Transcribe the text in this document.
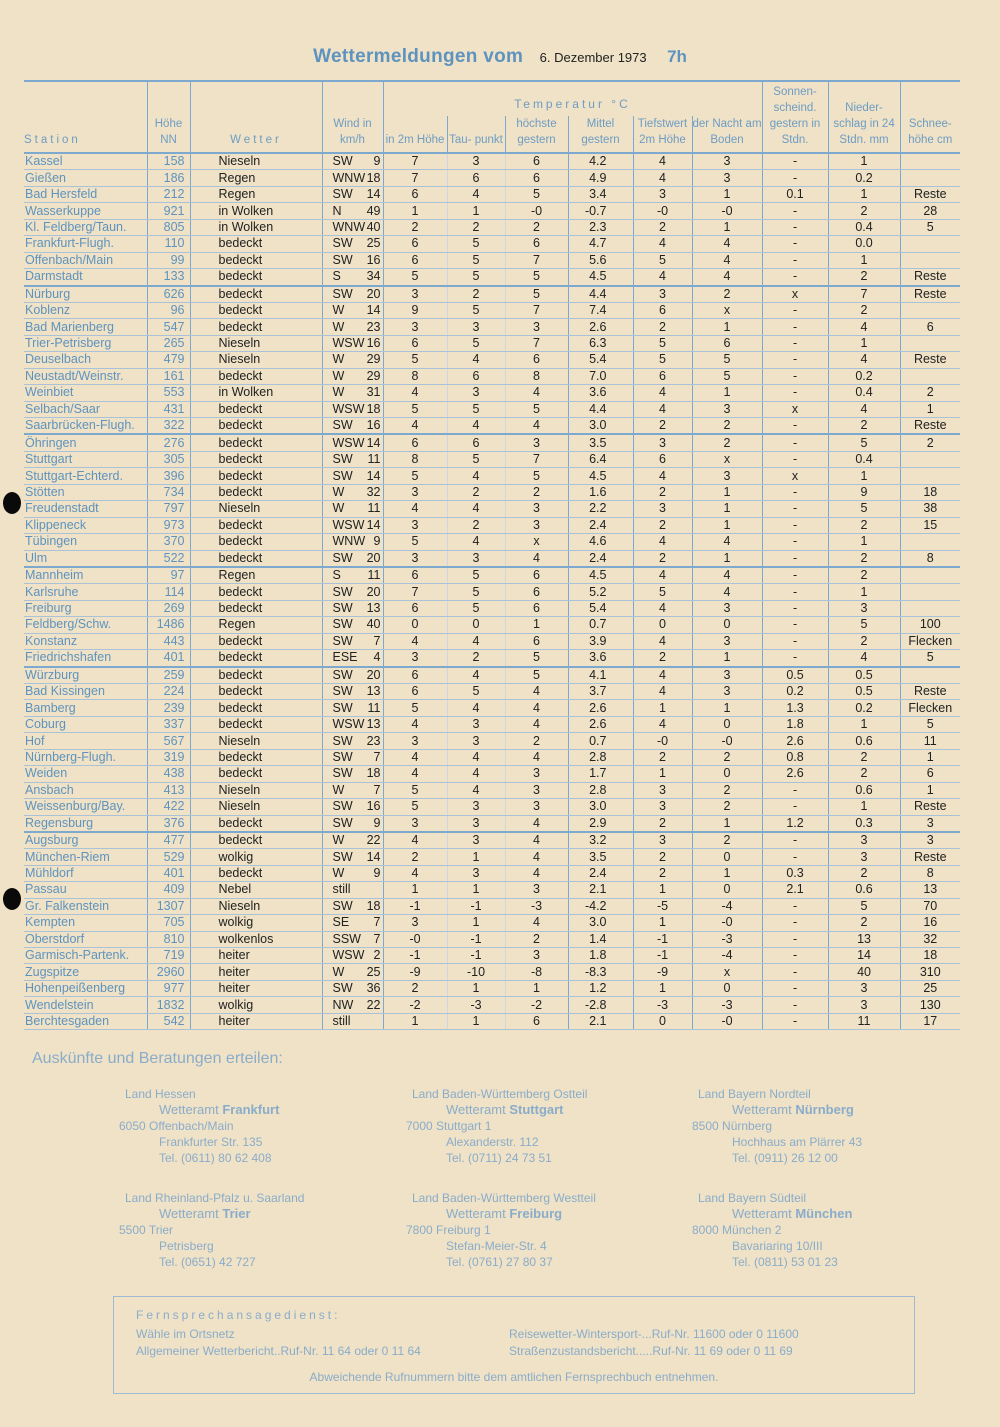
Wettermeldungen vom 6. Dezember 1973 7h
Station	Höhe NN	Wetter	Wind in km/h	Temperatur °C						Sonnen- scheind. gestern in Stdn.	Nieder- schlag in 24 Stdn. mm	Schnee- höhe cm
				in 2m Höhe	Tau- punkt	höchste gestern	Mittel gestern	Tiefstwert 2m Höhe	der Nacht am Boden			
Kassel	158	Nieseln	SW 9	7	3	6	4.2	4	3	-	1	
Gießen	186	Regen	WNW 18	7	6	6	4.9	4	3	-	0.2	
Bad Hersfeld	212	Regen	SW 14	6	4	5	3.4	3	1	0.1	1	Reste
Wasserkuppe	921	in Wolken	N 49	1	1	-0	-0.7	-0	-0	-	2	28
Kl. Feldberg/Taun.	805	in Wolken	WNW 40	2	2	2	2.3	2	1	-	0.4	5
Frankfurt-Flugh.	110	bedeckt	SW 25	6	5	6	4.7	4	4	-	0.0	
Offenbach/Main	99	bedeckt	SW 16	6	5	7	5.6	5	4	-	1	
Darmstadt	133	bedeckt	S 34	5	5	5	4.5	4	4	-	2	Reste
Nürburg	626	bedeckt	SW 20	3	2	5	4.4	3	2	x	7	Reste
Koblenz	96	bedeckt	W 14	9	5	7	7.4	6	x	-	2	
Bad Marienberg	547	bedeckt	W 23	3	3	3	2.6	2	1	-	4	6
Trier-Petrisberg	265	Nieseln	WSW 16	6	5	7	6.3	5	6	-	1	
Deuselbach	479	Nieseln	W 29	5	4	6	5.4	5	5	-	4	Reste
Neustadt/Weinstr.	161	bedeckt	W 29	8	6	8	7.0	6	5	-	0.2	
Weinbiet	553	in Wolken	W 31	4	3	4	3.6	4	1	-	0.4	2
Selbach/Saar	431	bedeckt	WSW 18	5	5	5	4.4	4	3	x	4	1
Saarbrücken-Flugh.	322	bedeckt	SW 16	4	4	4	3.0	2	2	-	2	Reste
Öhringen	276	bedeckt	WSW 14	6	6	3	3.5	3	2	-	5	2
Stuttgart	305	bedeckt	SW 11	8	5	7	6.4	6	x	-	0.4	
Stuttgart-Echterd.	396	bedeckt	SW 14	5	4	5	4.5	4	3	x	1	
Stötten	734	bedeckt	W 32	3	2	2	1.6	2	1	-	9	18
Freudenstadt	797	Nieseln	W 11	4	4	3	2.2	3	1	-	5	38
Klippeneck	973	bedeckt	WSW 14	3	2	3	2.4	2	1	-	2	15
Tübingen	370	bedeckt	WNW 9	5	4	x	4.6	4	4	-	1	
Ulm	522	bedeckt	SW 20	3	3	4	2.4	2	1	-	2	8
Mannheim	97	Regen	S 11	6	5	6	4.5	4	4	-	2	
Karlsruhe	114	bedeckt	SW 20	7	5	6	5.2	5	4	-	1	
Freiburg	269	bedeckt	SW 13	6	5	6	5.4	4	3	-	3	
Feldberg/Schw.	1486	Regen	SW 40	0	0	1	0.7	0	0	-	5	100
Konstanz	443	bedeckt	SW 7	4	4	6	3.9	4	3	-	2	Flecken
Friedrichshafen	401	bedeckt	ESE 4	3	2	5	3.6	2	1	-	4	5
Würzburg	259	bedeckt	SW 20	6	4	5	4.1	4	3	0.5	0.5	
Bad Kissingen	224	bedeckt	SW 13	6	5	4	3.7	4	3	0.2	0.5	Reste
Bamberg	239	bedeckt	SW 11	5	4	4	2.6	1	1	1.3	0.2	Flecken
Coburg	337	bedeckt	WSW 13	4	3	4	2.6	4	0	1.8	1	5
Hof	567	Nieseln	SW 23	3	3	2	0.7	-0	-0	2.6	0.6	11
Nürnberg-Flugh.	319	bedeckt	SW 7	4	4	4	2.8	2	2	0.8	2	1
Weiden	438	bedeckt	SW 18	4	4	3	1.7	1	0	2.6	2	6
Ansbach	413	Nieseln	W 7	5	4	3	2.8	3	2	-	0.6	1
Weissenburg/Bay.	422	Nieseln	SW 16	5	3	3	3.0	3	2	-	1	Reste
Regensburg	376	bedeckt	SW 9	3	3	4	2.9	2	1	1.2	0.3	3
Augsburg	477	bedeckt	W 22	4	3	4	3.2	3	2	-	3	3
München-Riem	529	wolkig	SW 14	2	1	4	3.5	2	0	-	3	Reste
Mühldorf	401	bedeckt	W 9	4	3	4	2.4	2	1	0.3	2	8
Passau	409	Nebel	still	1	1	3	2.1	1	0	2.1	0.6	13
Gr. Falkenstein	1307	Nieseln	SW 18	-1	-1	-3	-4.2	-5	-4	-	5	70
Kempten	705	wolkig	SE 7	3	1	4	3.0	1	-0	-	2	16
Oberstdorf	810	wolkenlos	SSW 7	-0	-1	2	1.4	-1	-3	-	13	32
Garmisch-Partenk.	719	heiter	WSW 2	-1	-1	3	1.8	-1	-4	-	14	18
Zugspitze	2960	heiter	W 25	-9	-10	-8	-8.3	-9	x	-	40	310
Hohenpeißenberg	977	heiter	SW 36	2	1	1	1.2	1	0	-	3	25
Wendelstein	1832	wolkig	NW 22	-2	-3	-2	-2.8	-3	-3	-	3	130
Berchtesgaden	542	heiter	still	1	1	6	2.1	0	-0	-	11	17
Auskünfte und Beratungen erteilen:
Land Hessen
Wetteramt Frankfurt
6050 Offenbach/Main
Frankfurter Str. 135
Tel. (0611) 80 62 408
Land Baden-Württemberg Ostteil
Wetteramt Stuttgart
7000 Stuttgart 1
Alexanderstr. 112
Tel. (0711) 24 73 51
Land Bayern Nordteil
Wetteramt Nürnberg
8500 Nürnberg
Hochhaus am Plärrer 43
Tel. (0911) 26 12 00
Land Rheinland-Pfalz u. Saarland
Wetteramt Trier
5500 Trier
Petrisberg
Tel. (0651) 42 727
Land Baden-Württemberg Westteil
Wetteramt Freiburg
7800 Freiburg 1
Stefan-Meier-Str. 4
Tel. (0761) 27 80 37
Land Bayern Südteil
Wetteramt München
8000 München 2
Bavariaring 10/III
Tel. (0811) 53 01 23
Fernsprechansagedienst:
Wähle im Ortsnetz
Allgemeiner Wetterbericht..Ruf-Nr. 11 64 oder 0 11 64
Reisewetter-Wintersport-...Ruf-Nr. 11600 oder 0 11600
Straßenzustandsbericht.....Ruf-Nr. 11 69 oder 0 11 69
Abweichende Rufnummern bitte dem amtlichen Fernsprechbuch entnehmen.
